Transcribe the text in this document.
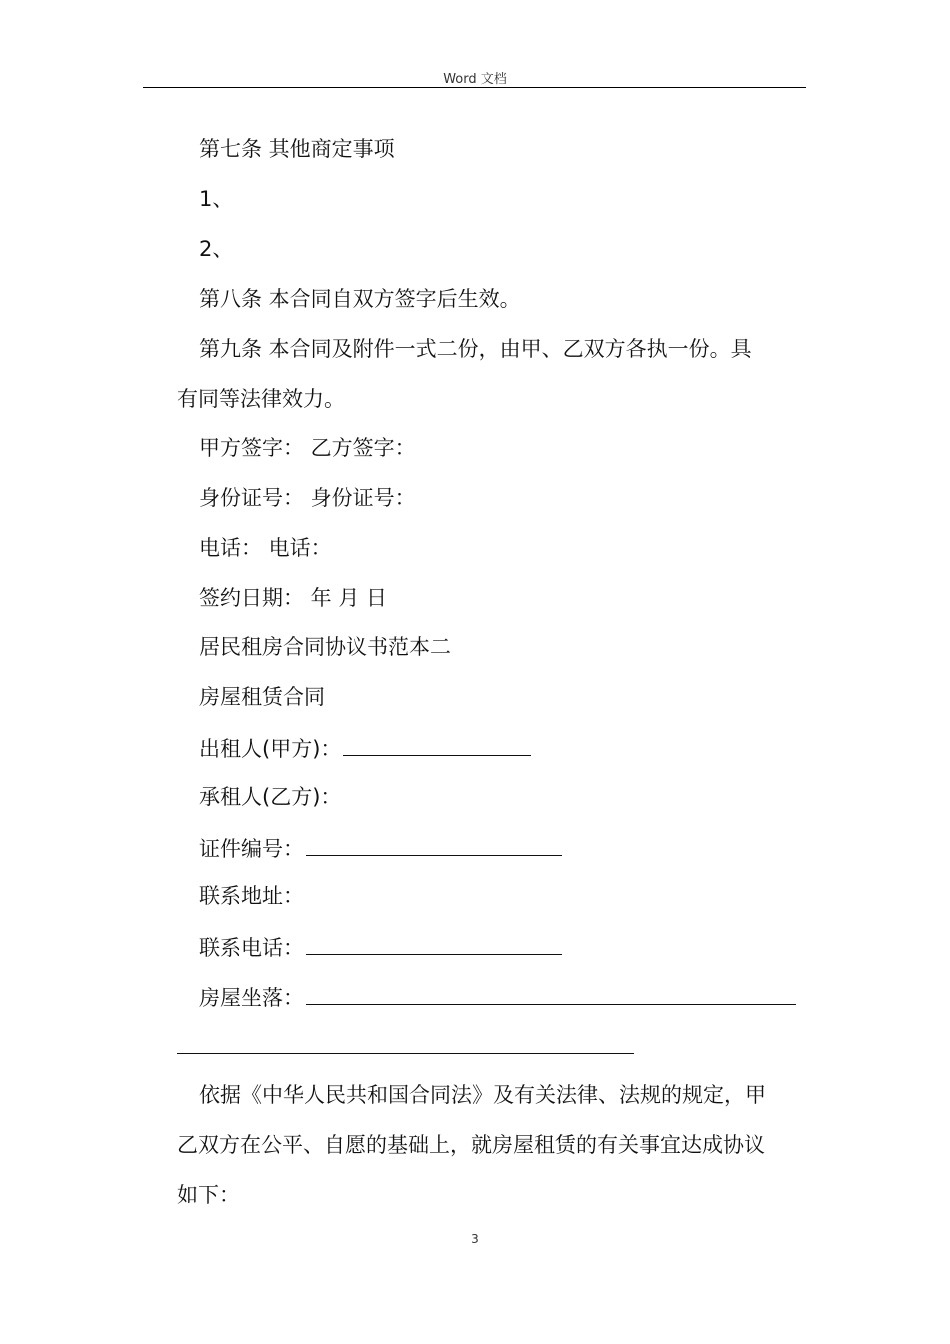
Word 文档
第七条 其他商定事项
1、
2、
第八条 本合同自双方签字后生效。
第九条 本合同及附件一式二份，由甲、乙双方各执一份。具
有同等法律效力。
甲方签字： 乙方签字：
身份证号： 身份证号：
电话： 电话：
签约日期： 年 月 日
居民租房合同协议书范本二
房屋租赁合同
出租人(甲方)：
承租人(乙方)：
证件编号：
联系地址：
联系电话：
房屋坐落：
依据《中华人民共和国合同法》及有关法律、法规的规定，甲
乙双方在公平、自愿的基础上，就房屋租赁的有关事宜达成协议
如下：
3
